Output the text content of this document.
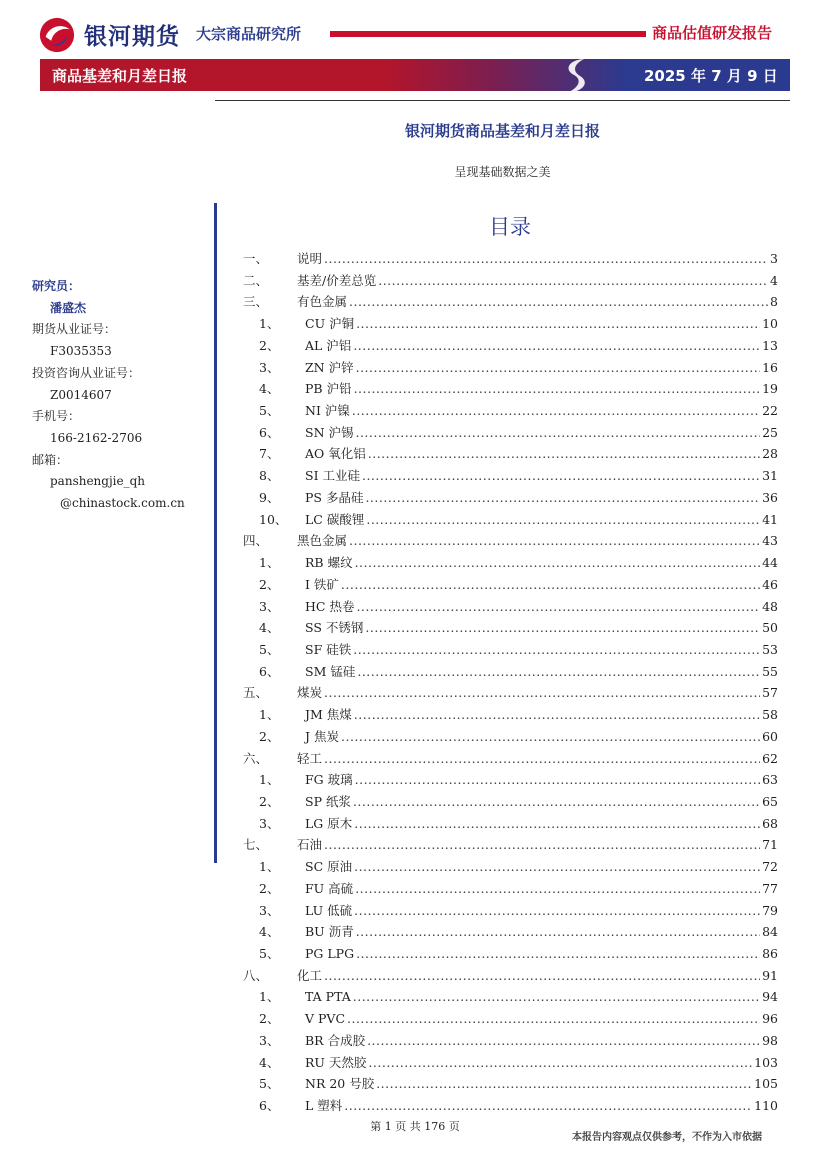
银河期货 大宗商品研究所	商品估值研发报告
商品基差和月差日报	2025 年 7 月 9 日
银河期货商品基差和月差日报
呈现基础数据之美
研究员：
潘盛杰
期货从业证号：
F3035353
投资咨询从业证号：
Z0014607
手机号：
166-2162-2706
邮箱：
panshengjie_qh
@chinastock.com.cn
目录
一、	说明 .....	3
二、	基差/价差总览 .....	4
三、	有色金属 .....	8
1、	CU 沪铜 .....	10
2、	AL 沪铝 .....	13
3、	ZN 沪锌 .....	16
4、	PB 沪铅 .....	19
5、	NI 沪镍 .....	22
6、	SN 沪锡 .....	25
7、	AO 氧化铝 .....	28
8、	SI 工业硅 .....	31
9、	PS 多晶硅 .....	36
10、	LC 碳酸锂 .....	41
四、	黑色金属 .....	43
1、	RB 螺纹 .....	44
2、	I 铁矿 .....	46
3、	HC 热卷 .....	48
4、	SS 不锈钢 .....	50
5、	SF 硅铁 .....	53
6、	SM 锰硅 .....	55
五、	煤炭 .....	57
1、	JM 焦煤 .....	58
2、	J 焦炭 .....	60
六、	轻工 .....	62
1、	FG 玻璃 .....	63
2、	SP 纸浆 .....	65
3、	LG 原木 .....	68
七、	石油 .....	71
1、	SC 原油 .....	72
2、	FU 高硫 .....	77
3、	LU 低硫 .....	79
4、	BU 沥青 .....	84
5、	PG LPG .....	86
八、	化工 .....	91
1、	TA PTA .....	94
2、	V PVC .....	96
3、	BR 合成胶 .....	98
4、	RU 天然胶 .....	103
5、	NR 20 号胶 .....	105
6、	L 塑料 .....	110
第 1 页 共 176 页
本报告内容观点仅供参考，不作为入市依据
